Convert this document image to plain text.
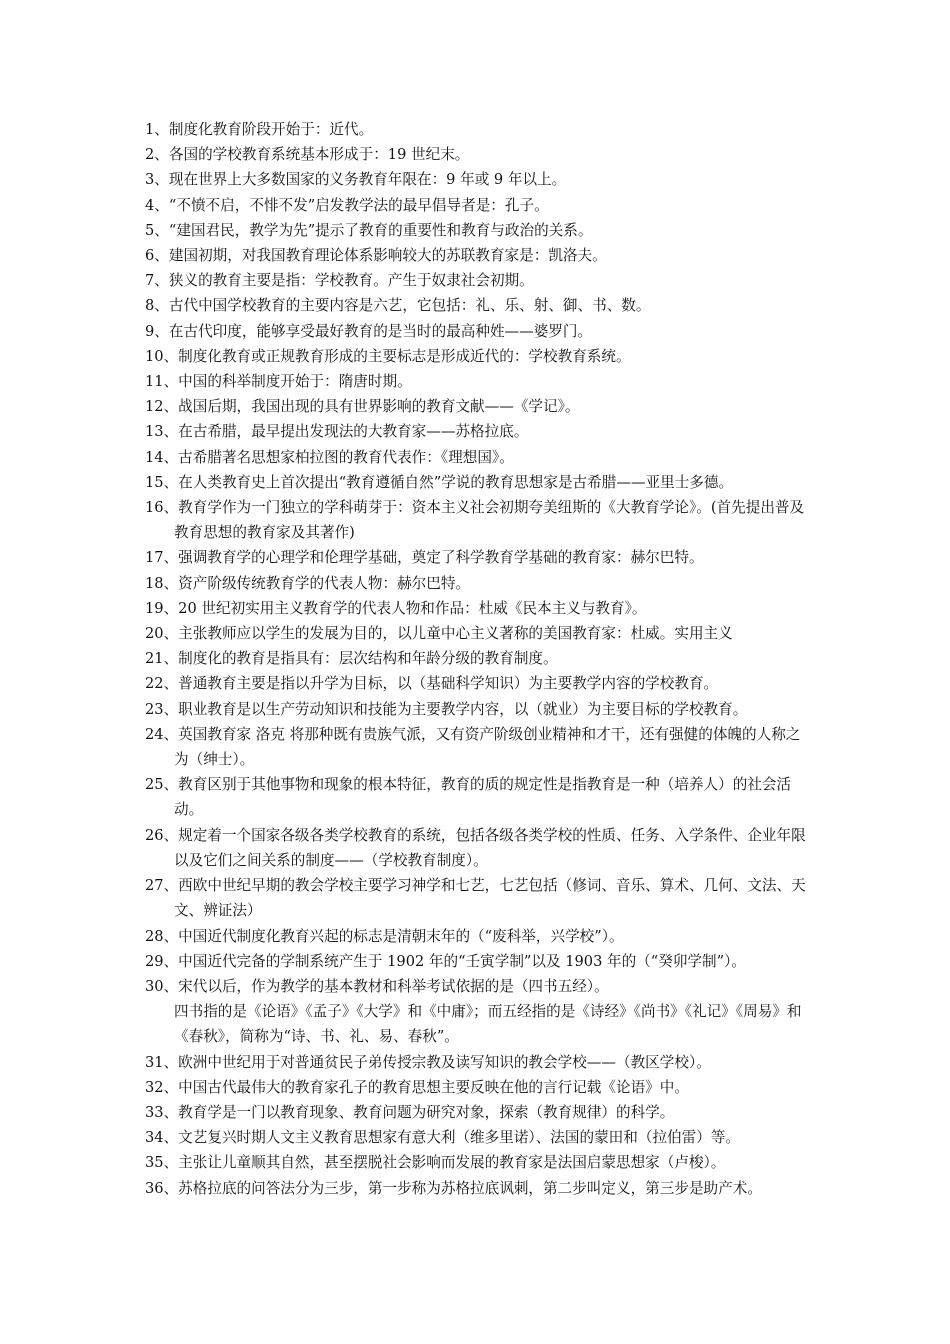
1、制度化教育阶段开始于：近代。

2、各国的学校教育系统基本形成于：19 世纪末。

3、现在世界上大多数国家的义务教育年限在：9 年或 9 年以上。

4、“不愤不启，不悱不发”启发教学法的最早倡导者是：孔子。

5、“建国君民，教学为先”提示了教育的重要性和教育与政治的关系。

6、建国初期，对我国教育理论体系影响较大的苏联教育家是：凯洛夫。

7、狭义的教育主要是指：学校教育。产生于奴隶社会初期。

8、古代中国学校教育的主要内容是六艺，它包括：礼、乐、射、御、书、数。

9、在古代印度，能够享受最好教育的是当时的最高种姓——婆罗门。

10、制度化教育或正规教育形成的主要标志是形成近代的：学校教育系统。

11、中国的科举制度开始于：隋唐时期。

12、战国后期，我国出现的具有世界影响的教育文献——《学记》。

13、在古希腊，最早提出发现法的大教育家——苏格拉底。

14、古希腊著名思想家柏拉图的教育代表作：《理想国》。

15、在人类教育史上首次提出“教育遵循自然”学说的教育思想家是古希腊——亚里士多德。

16、教育学作为一门独立的学科萌芽于：资本主义社会初期夸美纽斯的《大教育学论》。(首先提出普及教育思想的教育家及其著作)

17、强调教育学的心理学和伦理学基础，奠定了科学教育学基础的教育家：赫尔巴特。

18、资产阶级传统教育学的代表人物：赫尔巴特。

19、20 世纪初实用主义教育学的代表人物和作品：杜威《民本主义与教育》。

20、主张教师应以学生的发展为目的，以儿童中心主义著称的美国教育家：杜威。实用主义

21、制度化的教育是指具有：层次结构和年龄分级的教育制度。

22、普通教育主要是指以升学为目标，以（基础科学知识）为主要教学内容的学校教育。

23、职业教育是以生产劳动知识和技能为主要教学内容，以（就业）为主要目标的学校教育。

24、英国教育家 洛克 将那种既有贵族气派，又有资产阶级创业精神和才干，还有强健的体魄的人称之为（绅士）。

25、教育区别于其他事物和现象的根本特征，教育的质的规定性是指教育是一种（培养人）的社会活动。

26、规定着一个国家各级各类学校教育的系统，包括各级各类学校的性质、任务、入学条件、企业年限以及它们之间关系的制度——（学校教育制度）。

27、西欧中世纪早期的教会学校主要学习神学和七艺，七艺包括（修词、音乐、算术、几何、文法、天文、辨证法）

28、中国近代制度化教育兴起的标志是清朝末年的（“废科举，兴学校”）。

29、中国近代完备的学制系统产生于 1902 年的“壬寅学制”以及 1903 年的（“癸卯学制”）。

30、宋代以后，作为教学的基本教材和科举考试依据的是（四书五经）。

四书指的是《论语》《孟子》《大学》和《中庸》；而五经指的是《诗经》《尚书》《礼记》《周易》和《春秋》，简称为“诗、书、礼、易、春秋”。

31、欧洲中世纪用于对普通贫民子弟传授宗教及读写知识的教会学校——（教区学校）。

32、中国古代最伟大的教育家孔子的教育思想主要反映在他的言行记载《论语》中。

33、教育学是一门以教育现象、教育问题为研究对象，探索（教育规律）的科学。

34、文艺复兴时期人文主义教育思想家有意大利（维多里诺）、法国的蒙田和（拉伯雷）等。

35、主张让儿童顺其自然，甚至摆脱社会影响而发展的教育家是法国启蒙思想家（卢梭）。

36、苏格拉底的问答法分为三步，第一步称为苏格拉底讽刺，第二步叫定义，第三步是助产术。
